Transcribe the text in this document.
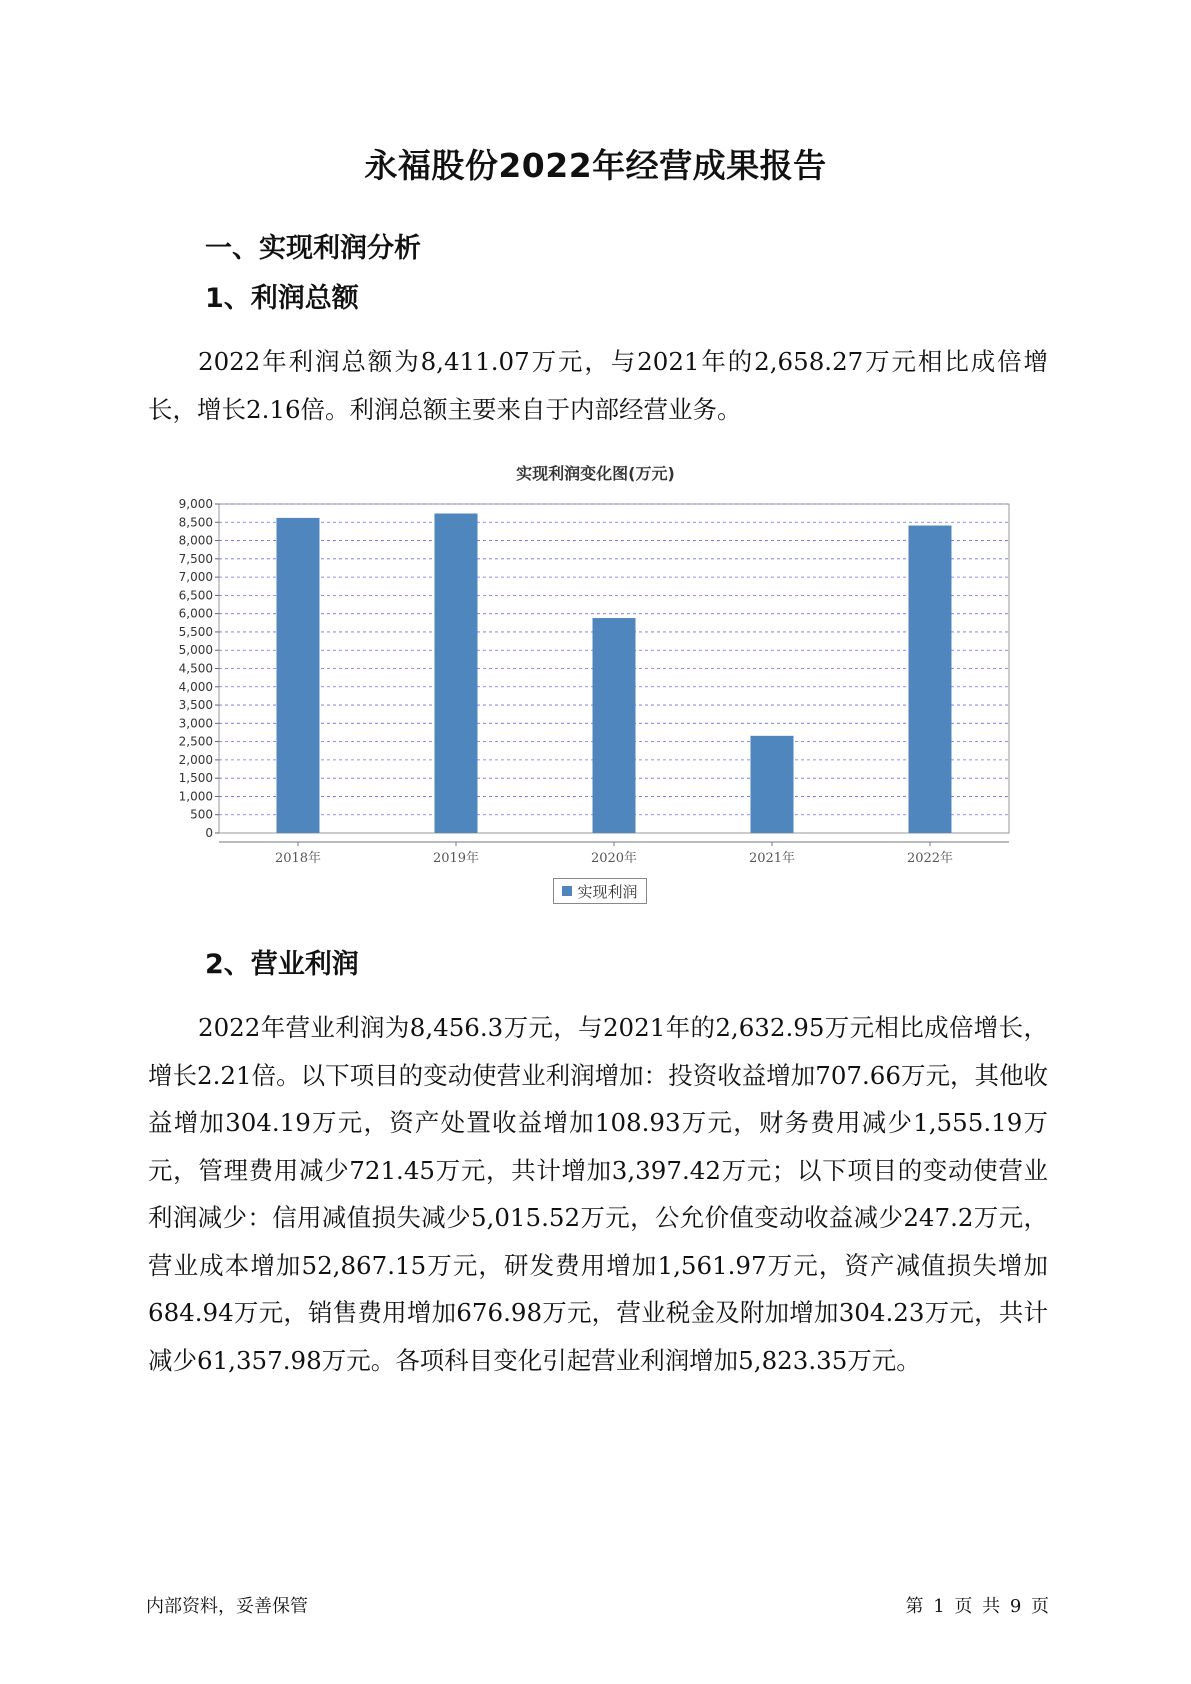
永福股份2022年经营成果报告
一、实现利润分析
1、利润总额
2022年利润总额为8,411.07万元，与2021年的2,658.27万元相比成倍增长，增长2.16倍。利润总额主要来自于内部经营业务。
实现利润变化图(万元)
0
500
1,000
1,500
2,000
2,500
3,000
3,500
4,000
4,500
5,000
5,500
6,000
6,500
7,000
7,500
8,000
8,500
9,000
2018年	2019年	2020年	2021年	2022年
实现利润
2、营业利润
2022年营业利润为8,456.3万元，与2021年的2,632.95万元相比成倍增长，增长2.21倍。以下项目的变动使营业利润增加：投资收益增加707.66万元，其他收益增加304.19万元，资产处置收益增加108.93万元，财务费用减少1,555.19万元，管理费用减少721.45万元，共计增加3,397.42万元；以下项目的变动使营业利润减少：信用减值损失减少5,015.52万元，公允价值变动收益减少247.2万元，营业成本增加52,867.15万元，研发费用增加1,561.97万元，资产减值损失增加684.94万元，销售费用增加676.98万元，营业税金及附加增加304.23万元，共计减少61,357.98万元。各项科目变化引起营业利润增加5,823.35万元。
内部资料，妥善保管	第 1 页 共 9 页
